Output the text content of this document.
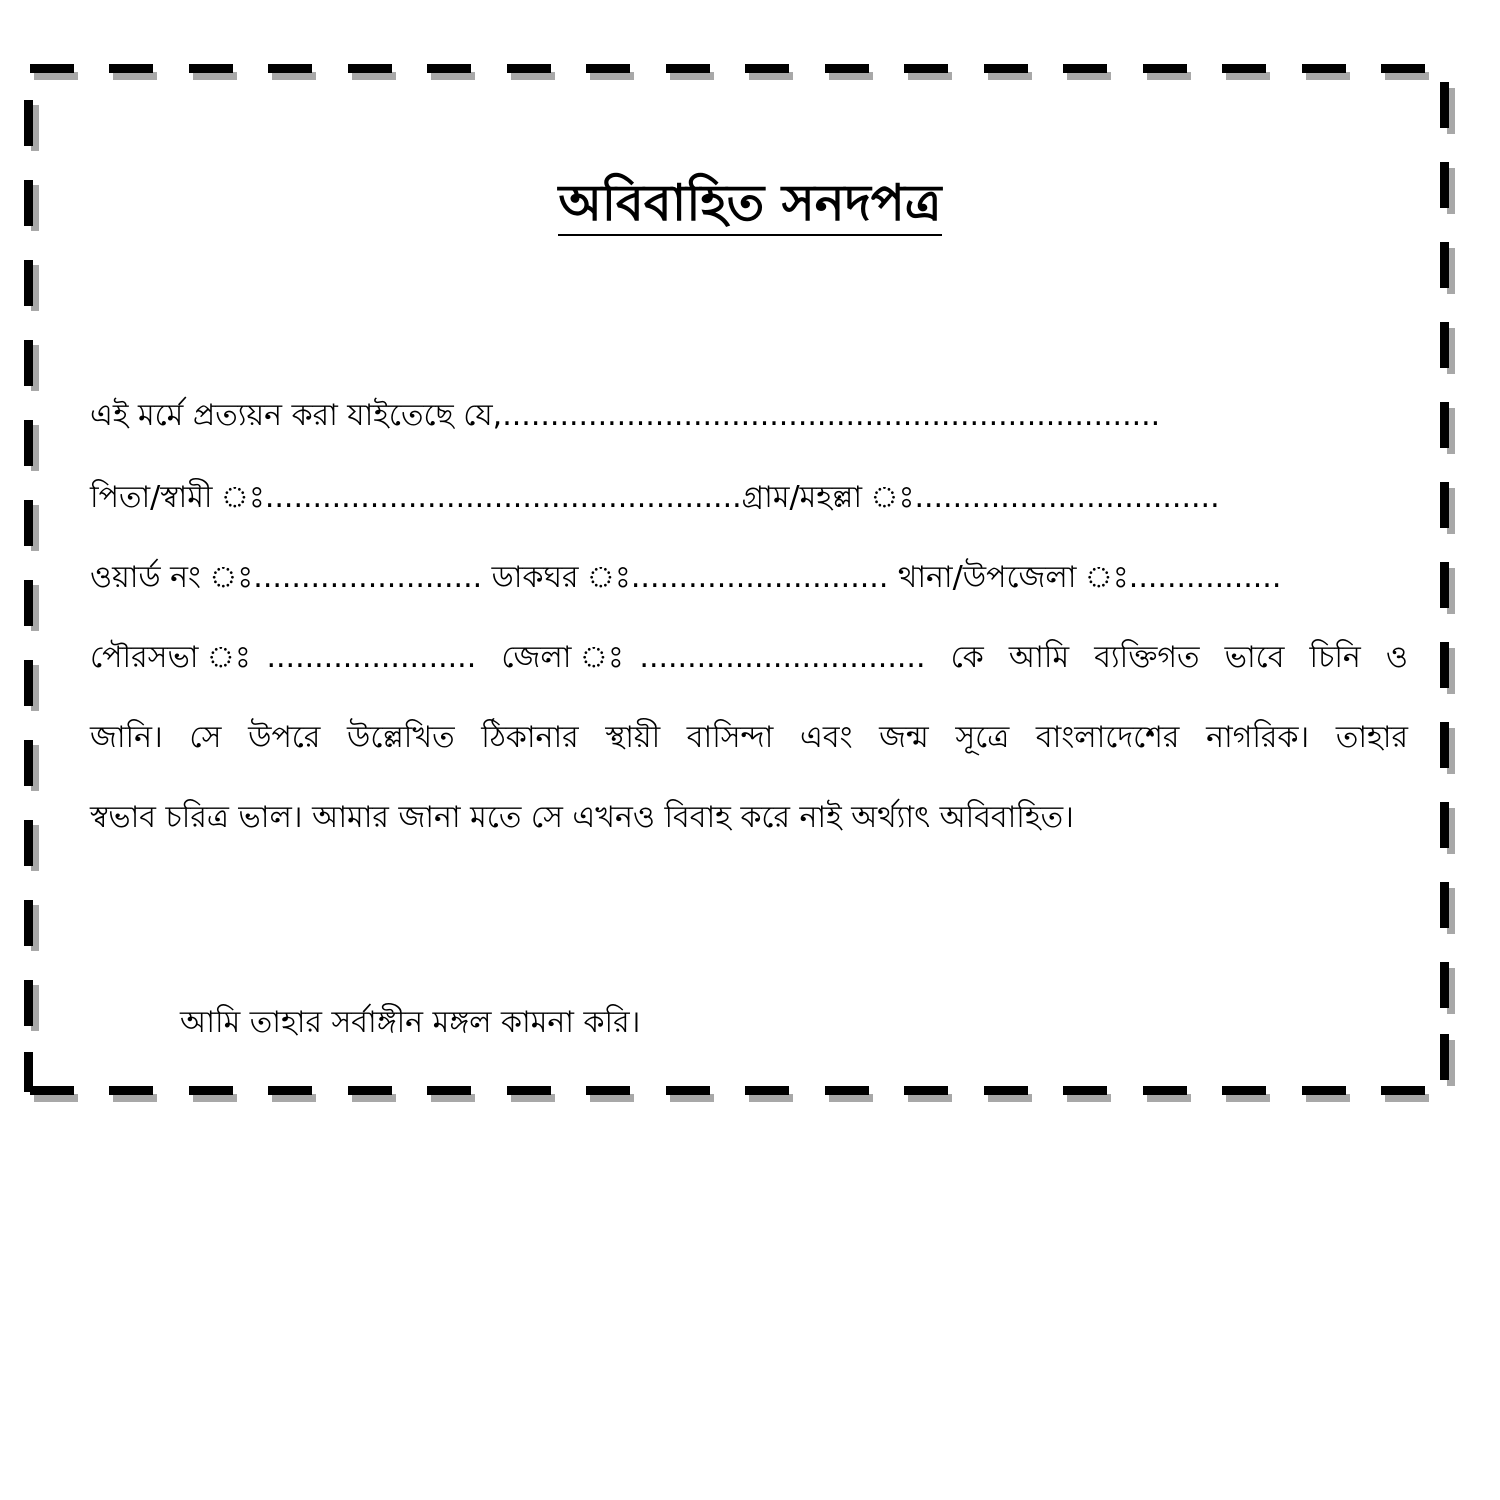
অবিবাহিত সনদপত্র
এই মর্মে প্রত্যয়ন করা যাইতেছে যে,.....................................................................
পিতা/স্বামী ঃ..................................................গ্রাম/মহল্লা ঃ................................
ওয়ার্ড নং ঃ........................ ডাকঘর ঃ........................... থানা/উপজেলা ঃ................
পৌরসভা ঃ...................... জেলা ঃ.............................. কে আমি ব্যক্তিগত ভাবে চিনি ও
জানি। সে উপরে উল্লেখিত ঠিকানার স্থায়ী বাসিন্দা এবং জন্ম সূত্রে বাংলাদেশের নাগরিক। তাহার
স্বভাব চরিত্র ভাল। আমার জানা মতে সে এখনও বিবাহ করে নাই অর্থ্যাৎ অবিবাহিত।
আমি তাহার সর্বাঙ্গীন মঙ্গল কামনা করি।
